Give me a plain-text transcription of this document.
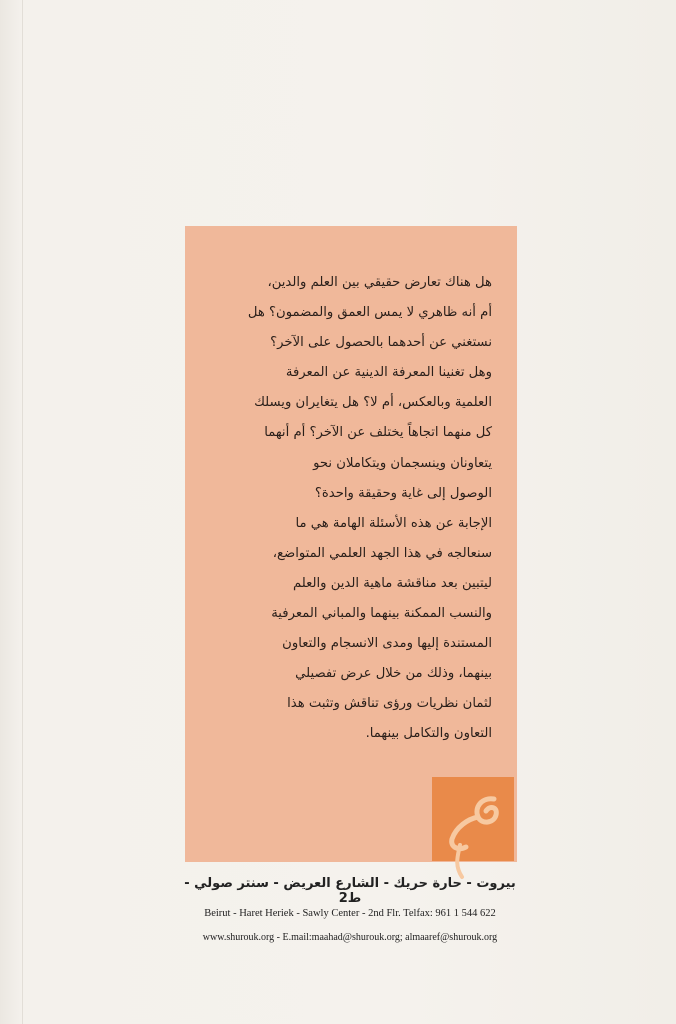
هل هناك تعارض حقيقي بين العلم والدين،

أم أنه ظاهري لا يمس العمق والمضمون؟ هل

نستغني عن أحدهما بالحصول على الآخر؟

وهل تغنينا المعرفة الدينية عن المعرفة

العلمية وبالعكس، أم لا؟ هل يتغايران ويسلك

كل منهما اتجاهاً يختلف عن الآخر؟ أم أنهما

يتعاونان وينسجمان ويتكاملان نحو

الوصول إلى غاية وحقيقة واحدة؟

الإجابة عن هذه الأسئلة الهامة هي ما

سنعالجه في هذا الجهد العلمي المتواضع،

ليتبين بعد مناقشة ماهية الدين والعلم

والنسب الممكنة بينهما والمباني المعرفية

المستندة إليها ومدى الانسجام والتعاون

بينهما، وذلك من خلال عرض تفصيلي

لثمان نظريات ورؤى تناقش وتثبت هذا

التعاون والتكامل بينهما.

بيروت - حارة حريك - الشارع العريض - سنتر صولي - ط2
Beirut - Haret Heriek - Sawly Center - 2nd Flr. Telfax: 961 1 544 622
www.shurouk.org - E.mail:maahad@shurouk.org; almaaref@shurouk.org
